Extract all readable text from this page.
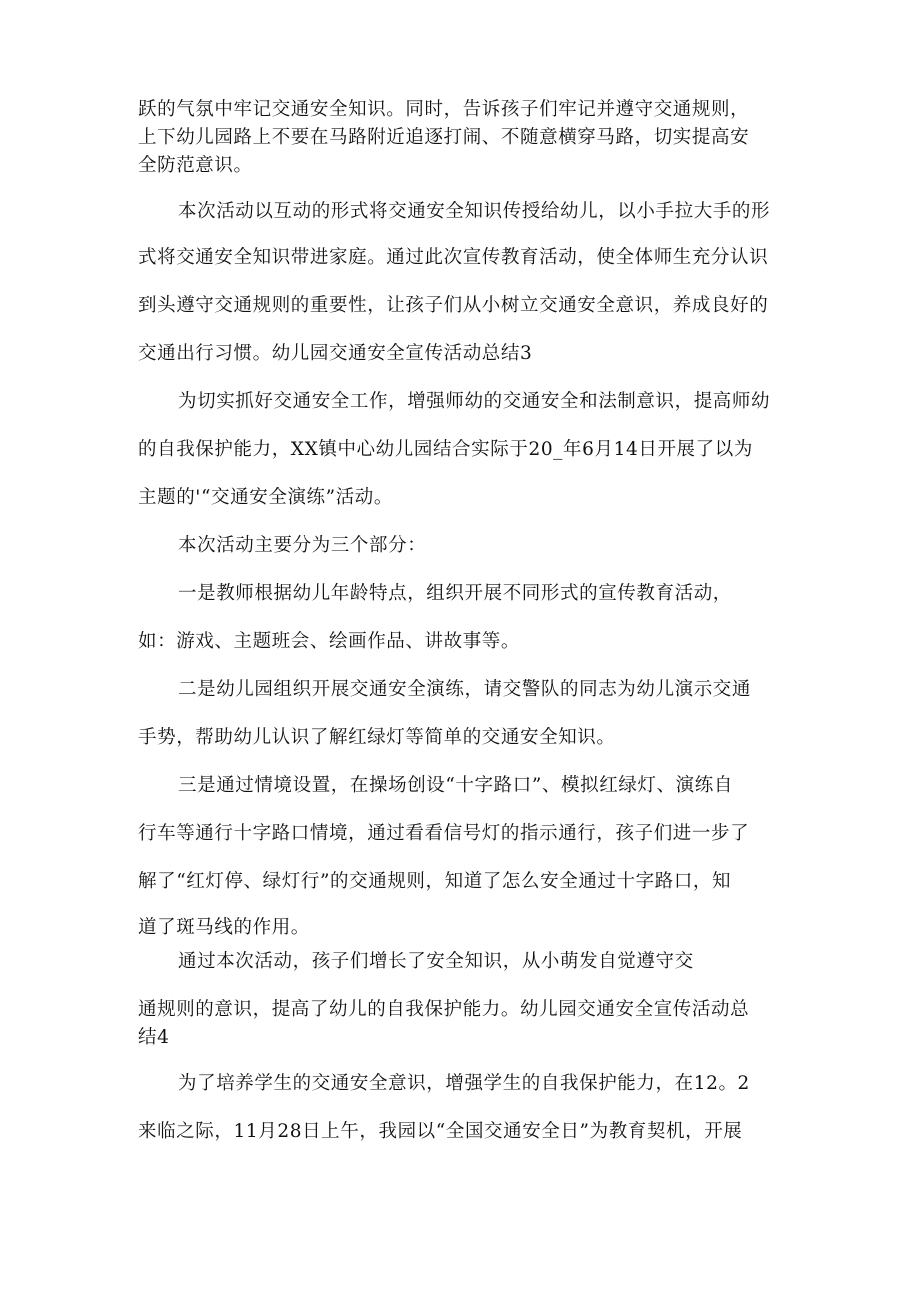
跃的气氛中牢记交通安全知识。同时，告诉孩子们牢记并遵守交通规则，
上下幼儿园路上不要在马路附近追逐打闹、不随意横穿马路，切实提高安
全防范意识。
本次活动以互动的形式将交通安全知识传授给幼儿，以小手拉大手的形
式将交通安全知识带进家庭。通过此次宣传教育活动，使全体师生充分认识
到头遵守交通规则的重要性，让孩子们从小树立交通安全意识，养成良好的
交通出行习惯。幼儿园交通安全宣传活动总结3
为切实抓好交通安全工作，增强师幼的交通安全和法制意识，提高师幼
的自我保护能力，XX镇中心幼儿园结合实际于20_年6月14日开展了以为
主题的'“交通安全演练”活动。
本次活动主要分为三个部分：
一是教师根据幼儿年龄特点，组织开展不同形式的宣传教育活动，
如：游戏、主题班会、绘画作品、讲故事等。
二是幼儿园组织开展交通安全演练，请交警队的同志为幼儿演示交通
手势，帮助幼儿认识了解红绿灯等简单的交通安全知识。
三是通过情境设置，在操场创设“十字路口”、模拟红绿灯、演练自
行车等通行十字路口情境，通过看看信号灯的指示通行，孩子们进一步了
解了“红灯停、绿灯行”的交通规则，知道了怎么安全通过十字路口，知
道了斑马线的作用。
通过本次活动，孩子们增长了安全知识，从小萌发自觉遵守交
通规则的意识，提高了幼儿的自我保护能力。幼儿园交通安全宣传活动总
结4
为了培养学生的交通安全意识，增强学生的自我保护能力，在12。2
来临之际，11月28日上午，我园以“全国交通安全日”为教育契机，开展
